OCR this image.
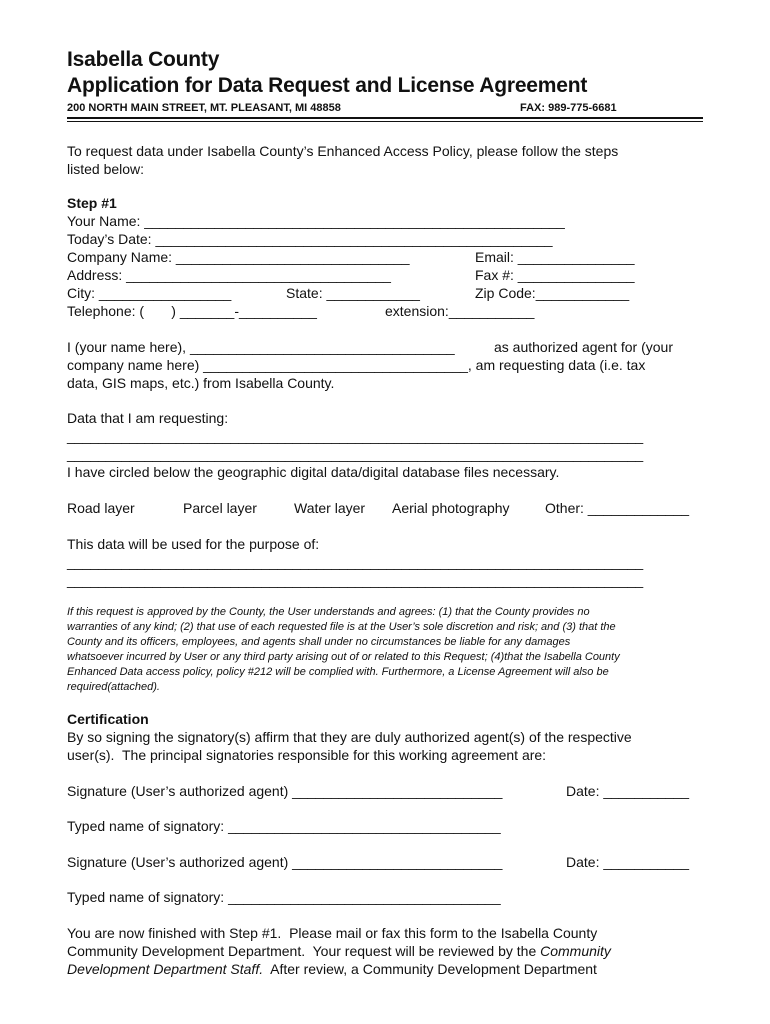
Isabella County
Application for Data Request and License Agreement
200 NORTH MAIN STREET, MT. PLEASANT, MI 48858	FAX: 989-775-6681
To request data under Isabella County’s Enhanced Access Policy, please follow the steps
listed below:
Step #1
Your Name: ______________________________________________________
Today’s Date: ___________________________________________________
Company Name: ______________________________	Email: _______________
Address: __________________________________	Fax #: _______________
City: _________________	State: ____________	Zip Code:____________
Telephone: (       ) _______-__________	extension:___________
I (your name here), __________________________________	as authorized agent for (your
company name here) __________________________________, am requesting data (i.e. tax
data, GIS maps, etc.) from Isabella County.
Data that I am requesting:
__________________________________________________________________________
__________________________________________________________________________
I have circled below the geographic digital data/digital database files necessary.
Road layer	Parcel layer	Water layer Aerial photography	Other: _____________
This data will be used for the purpose of:
__________________________________________________________________________
__________________________________________________________________________
If this request is approved by the County, the User understands and agrees: (1) that the County provides no
warranties of any kind; (2) that use of each requested file is at the User’s sole discretion and risk; and (3) that the
County and its officers, employees, and agents shall under no circumstances be liable for any damages
whatsoever incurred by User or any third party arising out of or related to this Request; (4)that the Isabella County
Enhanced Data access policy, policy #212 will be complied with. Furthermore, a License Agreement will also be
required(attached).
Certification
By so signing the signatory(s) affirm that they are duly authorized agent(s) of the respective
user(s).  The principal signatories responsible for this working agreement are:
Signature (User’s authorized agent) ___________________________	Date: ___________
Typed name of signatory: ___________________________________
Signature (User’s authorized agent) ___________________________	Date: ___________
Typed name of signatory: ___________________________________
You are now finished with Step #1.  Please mail or fax this form to the Isabella County
Community Development Department.  Your request will be reviewed by the Community
Development Department Staff.  After review, a Community Development Department
